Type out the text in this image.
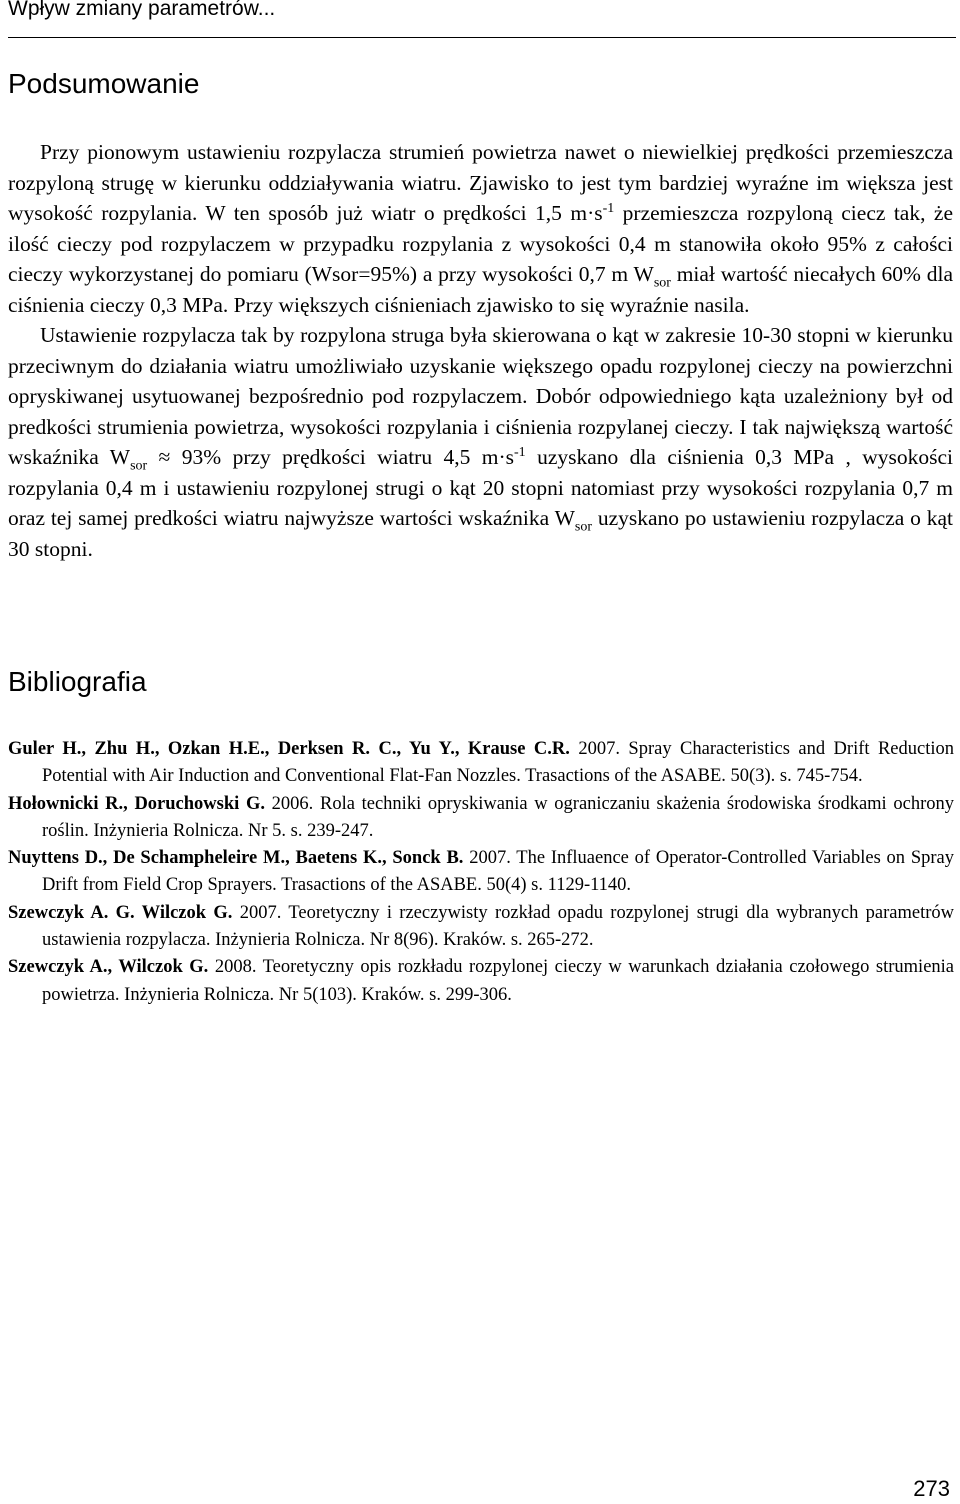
Wpływ zmiany parametrów...
Podsumowanie

Przy pionowym ustawieniu rozpylacza strumień powietrza nawet o niewielkiej prędkości przemieszcza rozpyloną strugę w kierunku oddziaływania wiatru. Zjawisko to jest tym bardziej wyraźne im większa jest wysokość rozpylania. W ten sposób już wiatr o prędkości 1,5 $m\cdot s^{-1}$ przemieszcza rozpyloną ciecz tak, że ilość cieczy pod rozpylaczem w przypadku rozpylania z wysokości 0,4 m stanowiła około 95% z całości cieczy wykorzystanej do pomiaru (Wsor=95%) a przy wysokości 0,7 m $W_{sor}$ miał wartość niecałych 60% dla ciśnienia cieczy 0,3 MPa. Przy większych ciśnieniach zjawisko to się wyraźnie nasila.

Ustawienie rozpylacza tak by rozpylona struga była skierowana o kąt w zakresie 10-30 stopni w kierunku przeciwnym do działania wiatru umożliwiało uzyskanie większego opadu rozpylonej cieczy na powierzchni opryskiwanej usytuowanej bezpośrednio pod rozpylaczem. Dobór odpowiedniego kąta uzależniony był od predkości strumienia powietrza, wysokości rozpylania i ciśnienia rozpylanej cieczy. I tak największą wartość wskaźnika $W_{sor} \approx 93\%$ przy prędkości wiatru 4,5 $m\cdot s^{-1}$ uzyskano dla ciśnienia 0,3 MPa , wysokości rozpylania 0,4 m i ustawieniu rozpylonej strugi o kąt 20 stopni natomiast przy wysokości rozpylania 0,7 m oraz tej samej predkości wiatru najwyższe wartości wskaźnika $W_{sor}$ uzyskano po ustawieniu rozpylacza o kąt 30 stopni.

Bibliografia
Guler H., Zhu H., Ozkan H.E., Derksen R. C., Yu Y., Krause C.R. 2007. Spray Characteristics and Drift Reduction Potential with Air Induction and Conventional Flat-Fan Nozzles. Trasactions of the ASABE. 50(3). s. 745-754.
Hołownicki R., Doruchowski G. 2006. Rola techniki opryskiwania w ograniczaniu skażenia środowiska środkami ochrony roślin. Inżynieria Rolnicza. Nr 5. s. 239-247.
Nuyttens D., De Schampheleire M., Baetens K., Sonck B. 2007. The Influaence of Operator-Controlled Variables on Spray Drift from Field Crop Sprayers. Trasactions of the ASABE. 50(4) s. 1129-1140.
Szewczyk A. G. Wilczok G. 2007. Teoretyczny i rzeczywisty rozkład opadu rozpylonej strugi dla wybranych parametrów ustawienia rozpylacza. Inżynieria Rolnicza. Nr 8(96). Kraków. s. 265-272.
Szewczyk A., Wilczok G. 2008. Teoretyczny opis rozkładu rozpylonej cieczy w warunkach działania czołowego strumienia powietrza. Inżynieria Rolnicza. Nr 5(103). Kraków. s. 299-306.
273
